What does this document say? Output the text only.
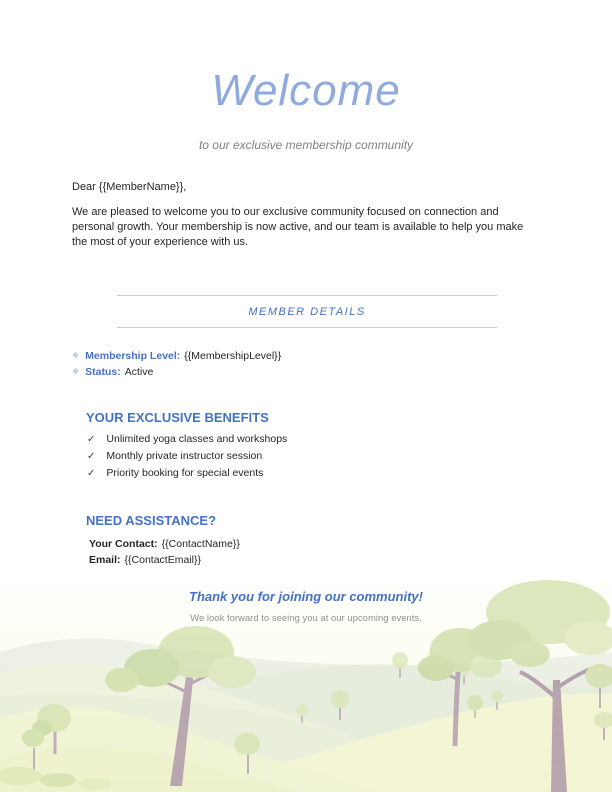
Welcome
to our exclusive membership community
Dear {{MemberName}},
We are pleased to welcome you to our exclusive community focused on connection and personal growth. Your membership is now active, and our team is available to help you make the most of your experience with us.
MEMBER DETAILS
❖ Membership Level: {{MembershipLevel}}
❖ Status: Active
YOUR EXCLUSIVE BENEFITS
✓ Unlimited yoga classes and workshops
✓ Monthly private instructor session
✓ Priority booking for special events
NEED ASSISTANCE?
Your Contact: {{ContactName}}
Email: {{ContactEmail}}
Thank you for joining our community!
We look forward to seeing you at our upcoming events.
